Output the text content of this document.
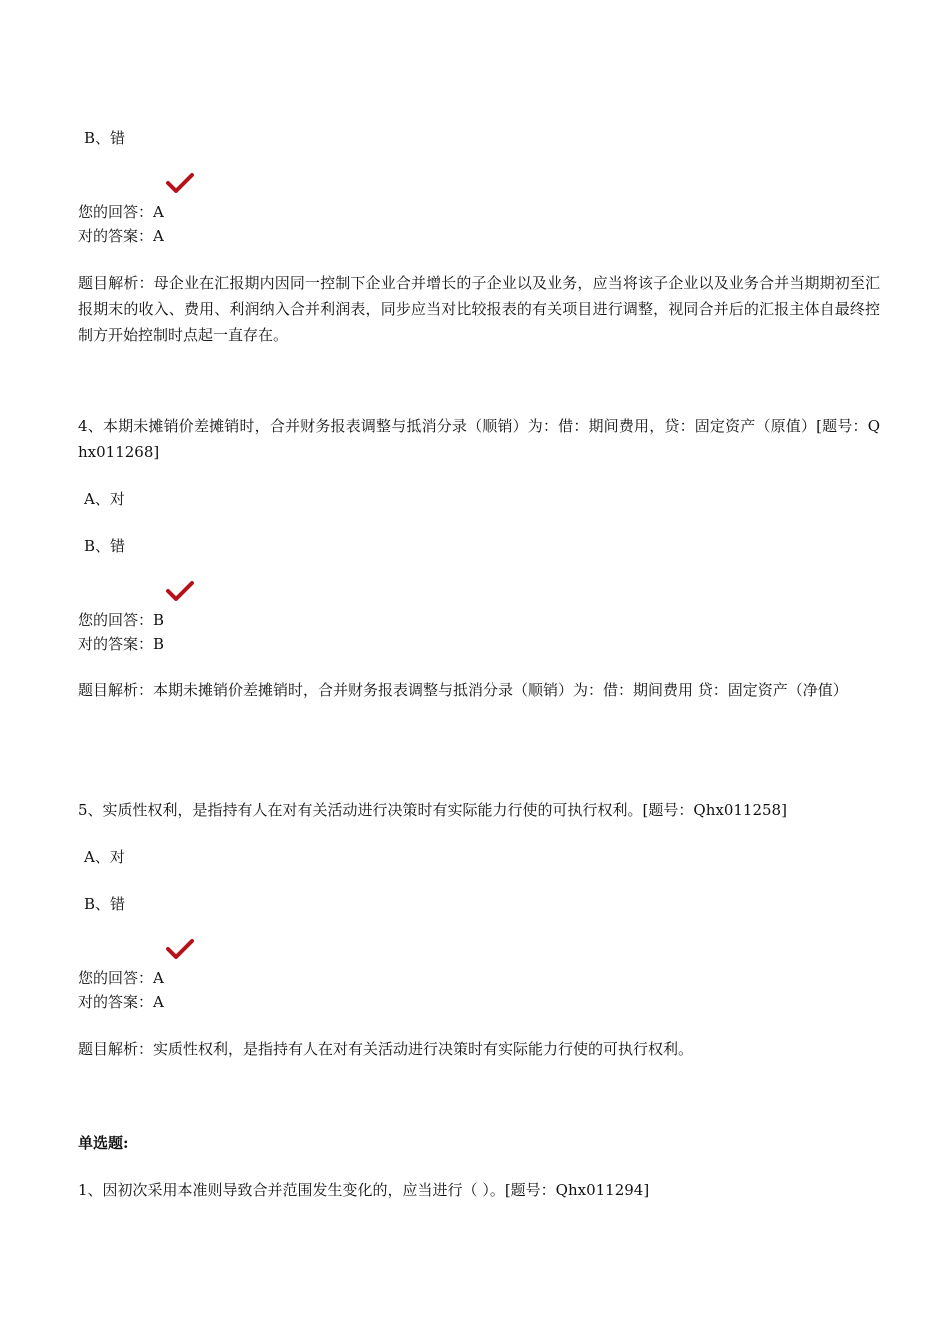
B、错
您的回答：A
对的答案：A
题目解析：母企业在汇报期内因同一控制下企业合并增长的子企业以及业务，应当将该子企业以及业务合并当期期初至汇报期末的收入、费用、利润纳入合并利润表，同步应当对比较报表的有关项目进行调整，视同合并后的汇报主体自最终控制方开始控制时点起一直存在。
4、本期未摊销价差摊销时，合并财务报表调整与抵消分录（顺销）为：借：期间费用，贷：固定资产（原值）[题号：Qhx011268]
A、对
B、错
您的回答：B
对的答案：B
题目解析：本期未摊销价差摊销时，合并财务报表调整与抵消分录（顺销）为：借：期间费用 贷：固定资产（净值）
5、实质性权利，是指持有人在对有关活动进行决策时有实际能力行使的可执行权利。[题号：Qhx011258]
A、对
B、错
您的回答：A
对的答案：A
题目解析：实质性权利，是指持有人在对有关活动进行决策时有实际能力行使的可执行权利。
单选题:
1、因初次采用本准则导致合并范围发生变化的，应当进行（ ）。[题号：Qhx011294]
